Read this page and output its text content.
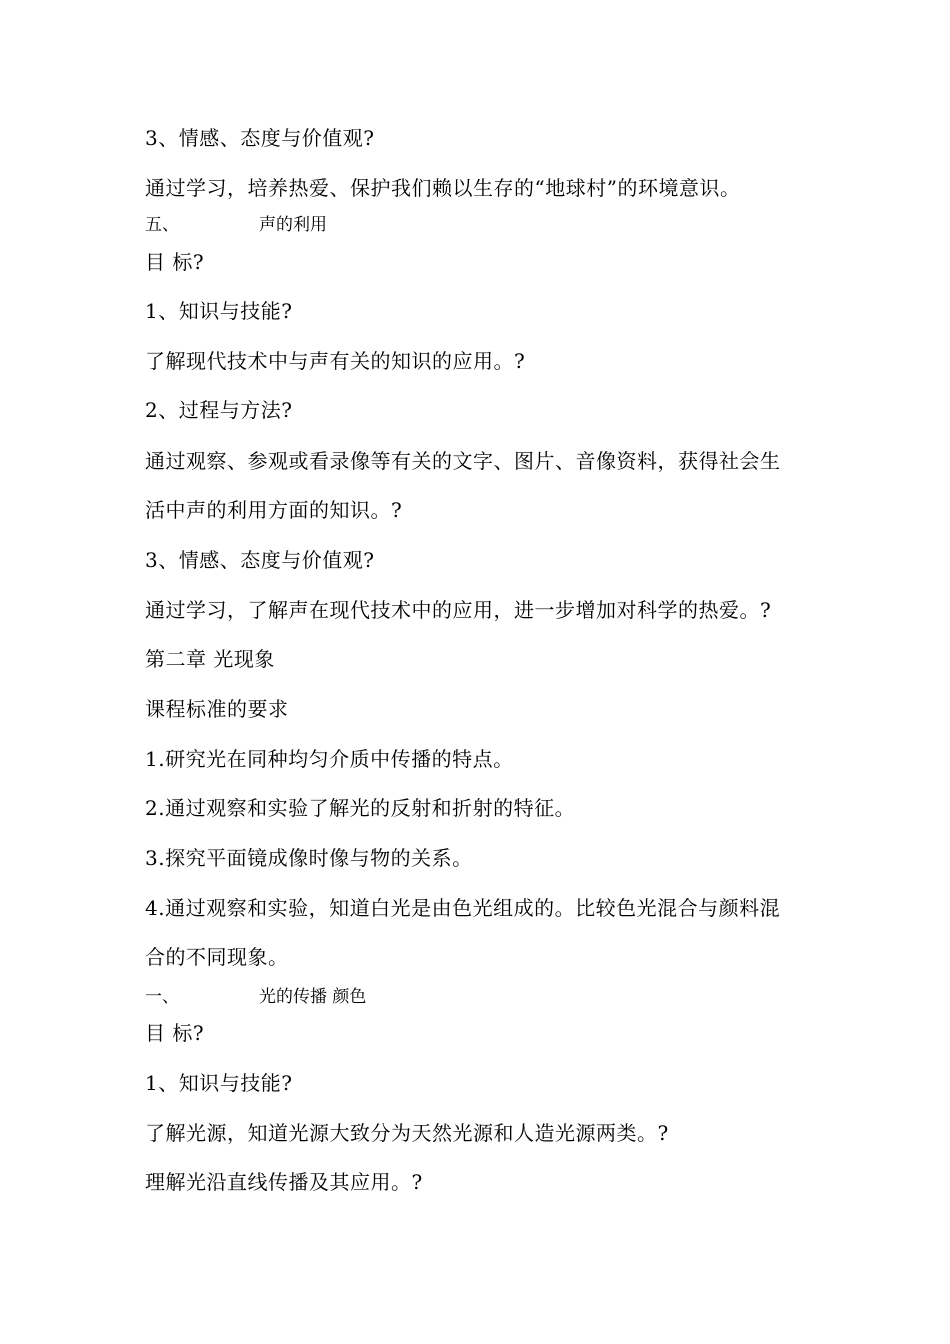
3、情感、态度与价值观?
通过学习，培养热爱、保护我们赖以生存的“地球村”的环境意识。
五、	声的利用
目 标?
1、知识与技能?
了解现代技术中与声有关的知识的应用。?
2、过程与方法?
通过观察、参观或看录像等有关的文字、图片、音像资料，获得社会生
活中声的利用方面的知识。?
3、情感、态度与价值观?
通过学习，了解声在现代技术中的应用，进一步增加对科学的热爱。?
第二章 光现象
课程标准的要求
1.研究光在同种均匀介质中传播的特点。
2.通过观察和实验了解光的反射和折射的特征。
3.探究平面镜成像时像与物的关系。
4.通过观察和实验，知道白光是由色光组成的。比较色光混合与颜料混
合的不同现象。
一、	光的传播 颜色
目 标?
1、知识与技能?
了解光源，知道光源大致分为天然光源和人造光源两类。?
理解光沿直线传播及其应用。?
